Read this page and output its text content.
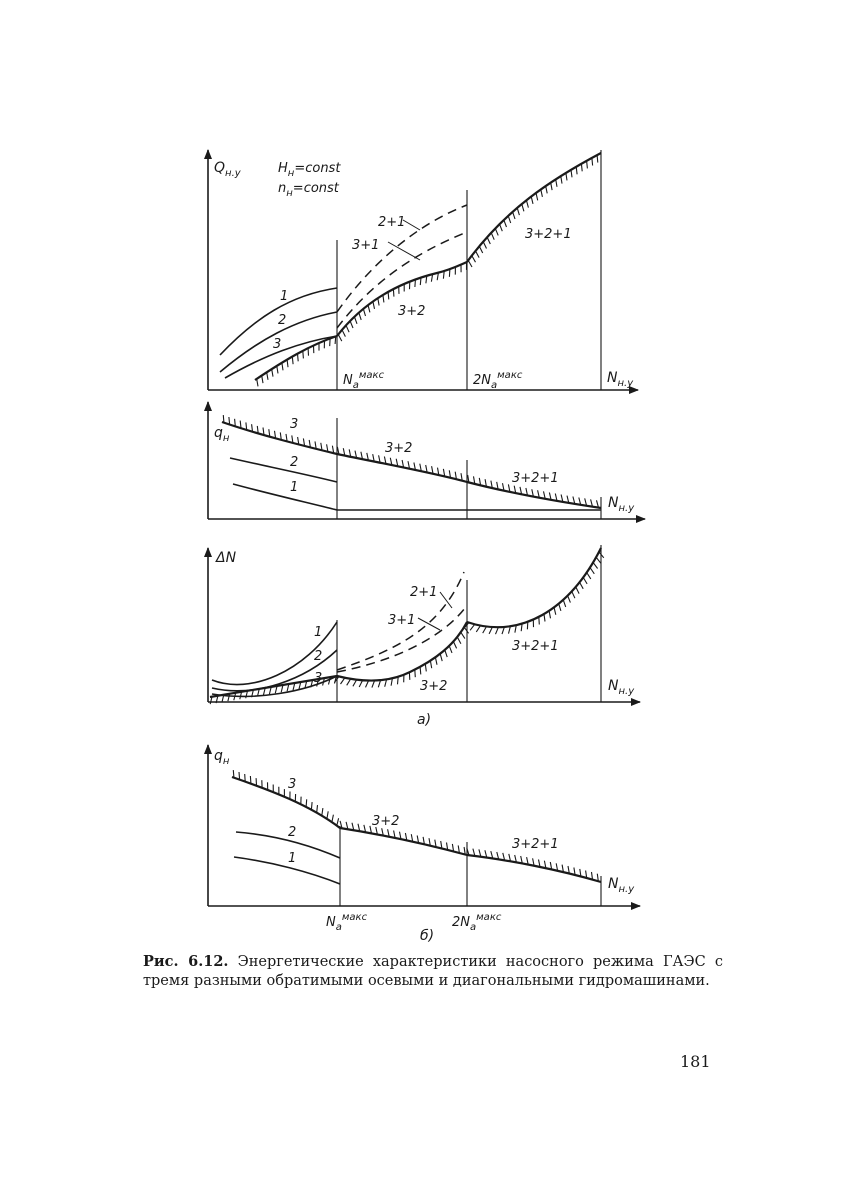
1
2
3
3+1
2+1
3+2
3+2+1
$Q_{н.у}$	$H_н=const$
$n_н=const$
$N_a^{макс}$	$2N_a^{макс}$	$N_{н.у}$
3
2
1
3+2
3+2+1
$q_н$
$N_{н.у}$
1
2
3
3+1
2+1
3+2
3+2+1
ΔN
$N_{н.у}$
а)
3
2
1
3+2
3+2+1
$q_н$
$N_{н.у}$
$N_a^{макс}$	$2N_a^{макс}$
б)
Рис. 6.12. Энергетические характеристики насосного режима ГАЭС с тремя разными обратимыми осевыми и диагональными гидромашинами.
181
